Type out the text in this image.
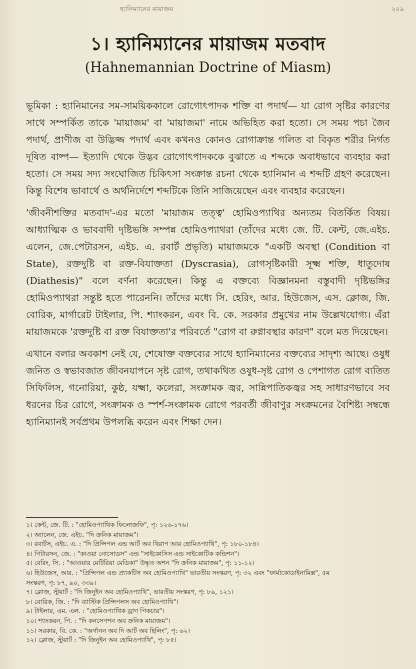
হ্যানিম্যানের মায়াজম	২০৯
১। হ্যানিম্যানের মায়াজম মতবাদ
(Hahnemannian Doctrine of Miasm)

ভূমিকা : হ্যানিমানের সম-সাময়িককালে রোগোৎপাদক শক্তি বা পদার্থ— যা রোগ সৃষ্টির কারণের সাথে সম্পর্কিত তাকে 'মায়াজম' বা 'মায়াজমা' নামে অভিহিত করা হতো। সে সময় পচা জৈব পদার্থ, প্রাণীজ বা উদ্ভিজ্জ পদার্থ এবং কখনও কোনও রোগাক্রান্ত গলিত বা বিকৃত শরীর নির্গত দূষিত বাষ্প— ইত্যাদি থেকে উদ্ভব রোগোৎপাদককে বুঝাতে এ শব্দকে অবাধভাবে ব্যবহার করা হতো। সে সময় সদ্য সংঘোজিত চিকিৎসা সংক্রান্ত রচনা থেকে হ্যানিমান এ শব্দটি গ্রহণ করেছেন। কিন্তু বিশেষ ভাবার্থে ও অর্থনির্দেশে শব্দটিকে তিনি সাজিয়েছেন এবং ব্যবহার করেছেন।

'জীবনীশক্তির মতবাদ'-এর মতো 'মায়াজম তত্ত্ব' হোমিওপ্যাথির অন্যতম বিতর্কিত বিষয়। আধ্যাত্মিক ও ভাববাদী দৃষ্টিভঙ্গি সম্পন্ন হোমিওপ্যাথরা (তাঁদের মধ্যে জে. টি. কেন্ট, জে.এইচ. এলেন, জে.পেটারসন, এইচ. এ. রবার্ট প্রভৃতি) মায়াজমকে "একটি অবস্থা (Condition বা State), রক্তদুষ্টি বা রক্ত-বিযাক্ততা (Dyscrasia), রোগসৃষ্টিকারী সূক্ষ্ম শক্তি, ধাতুদোষ (Diathesis)" বলে বর্ণনা করেছেন। কিন্তু এ বক্তব্যে বিজ্ঞানমনা বস্তুবাদী দৃষ্টিভঙ্গির হোমিওপ্যাথরা সন্তুষ্ট হতে পারেননি। তাঁদের মধ্যে সি. হেরিং, আর. হিউজেস, এস. ক্লোজ, জি. বোরিক, মার্গারেট টাইলার, পি. শ্যাংকরন, এবং বি. কে. সরকার প্রমুখের নাম উল্লেখযোগ্য। এঁরা মায়াজমকে 'রক্তদুষ্টি বা রক্ত বিযাক্ততা'র পরিবর্তে "রোগ বা রুগ্নাবস্থার কারণ" বলে মত দিয়েছেন।

এখানে বলার অবকাশ নেই যে, শেষোক্ত বক্তব্যের সাথে হ্যানিম্যানের বক্তব্যের সাদৃশ্য আছে। ওষুধ জনিত ও স্বভাবজাত জীবনযাপনে সৃষ্ট রোগ, তথাকথিত ওষুধ-সৃষ্ট রোগ ও পেশাগত রোগ ব্যতিত সিফিলিস, গনোরিয়া, কুষ্ঠ, যক্ষ্মা, কলেরা, সংক্রামক জ্বর, সান্নিপাতিকজ্বর সহ সাধারণভাবে সব ধরনের চির রোগে, সংক্রামক ও স্পর্শ-সংক্রামক রোগে পরবর্তী জীবাণুর সংক্রমনের বৈশিষ্ট্য সম্বন্ধে হ্যানিম্যানই সর্বপ্রথম উপলব্ধি করেন এবং শিক্ষা দেন।

১। কেন্ট, জে. টি. : "হোমিওপ্যাথিক ফিলোজফি", পৃ: ১২৬-১৭৬।
২। অ্যালেন, জে. এইচ. "দি ক্রনিক মায়াজম"।
৩। রবার্টস, এইচ. এ. : "দি প্রিন্সিপল এন্ড আর্ট অব থিরাপ আর হোমিওপ্যাথি", পৃ: ১৮০-১৮৪।
৪। পিটারসন, জে. : "কাওয়া নোসোডস" এন্ড "সাইকোসিস এন্ড সাইকোটিক কন্ডিশন"।
৫। বেরিং, সি. : "আওয়ার মেটিরিয়া মেডিকা" উদ্ধৃত অশন "দি ক্রনিক মায়াজম", পৃ: ১১-১২।
৬। হিউজেস, আর. : "প্রিন্সিপল এন্ড প্র্যাকটিস অব হোমিওপ্যাথি" ভারতীয় সংস্করণ, পৃ: ৩২ এবং "ফার্মাকোডাইনামিক্স", ৫ম
সংস্করণ, পৃ: ৮৭, ৯০, ৩৩৯।
৭। ক্লোজ, স্টুয়ার্ট : "দি জিনুইন অব হোমিওপ্যাথি", ভারতীয় সংস্করণ, পৃ: ৮৯, ১২১।
৮। বোরিক, জি. : "দি ব্যাস্টিক প্রিন্সিপলস অব হোমিওপ্যাথি"।
৯। টাইলার, এম. এল. : "হোমিওপ্যাথিক ড্রাগ পিকচার"।
১০। শ্যাংকরন, পি. : "দি কনসেপশন অব ক্রনিক মায়াজম"।
১১। সরকার, বি. কে. : "অর্গানন অব দি আর্ট অব হিলিং", পৃ: ৬২।
১২। ক্লোজ, স্টুয়ার্ট : "দি জিনুইন অব হোমিওপ্যাথি", পৃ: ৮৫।
